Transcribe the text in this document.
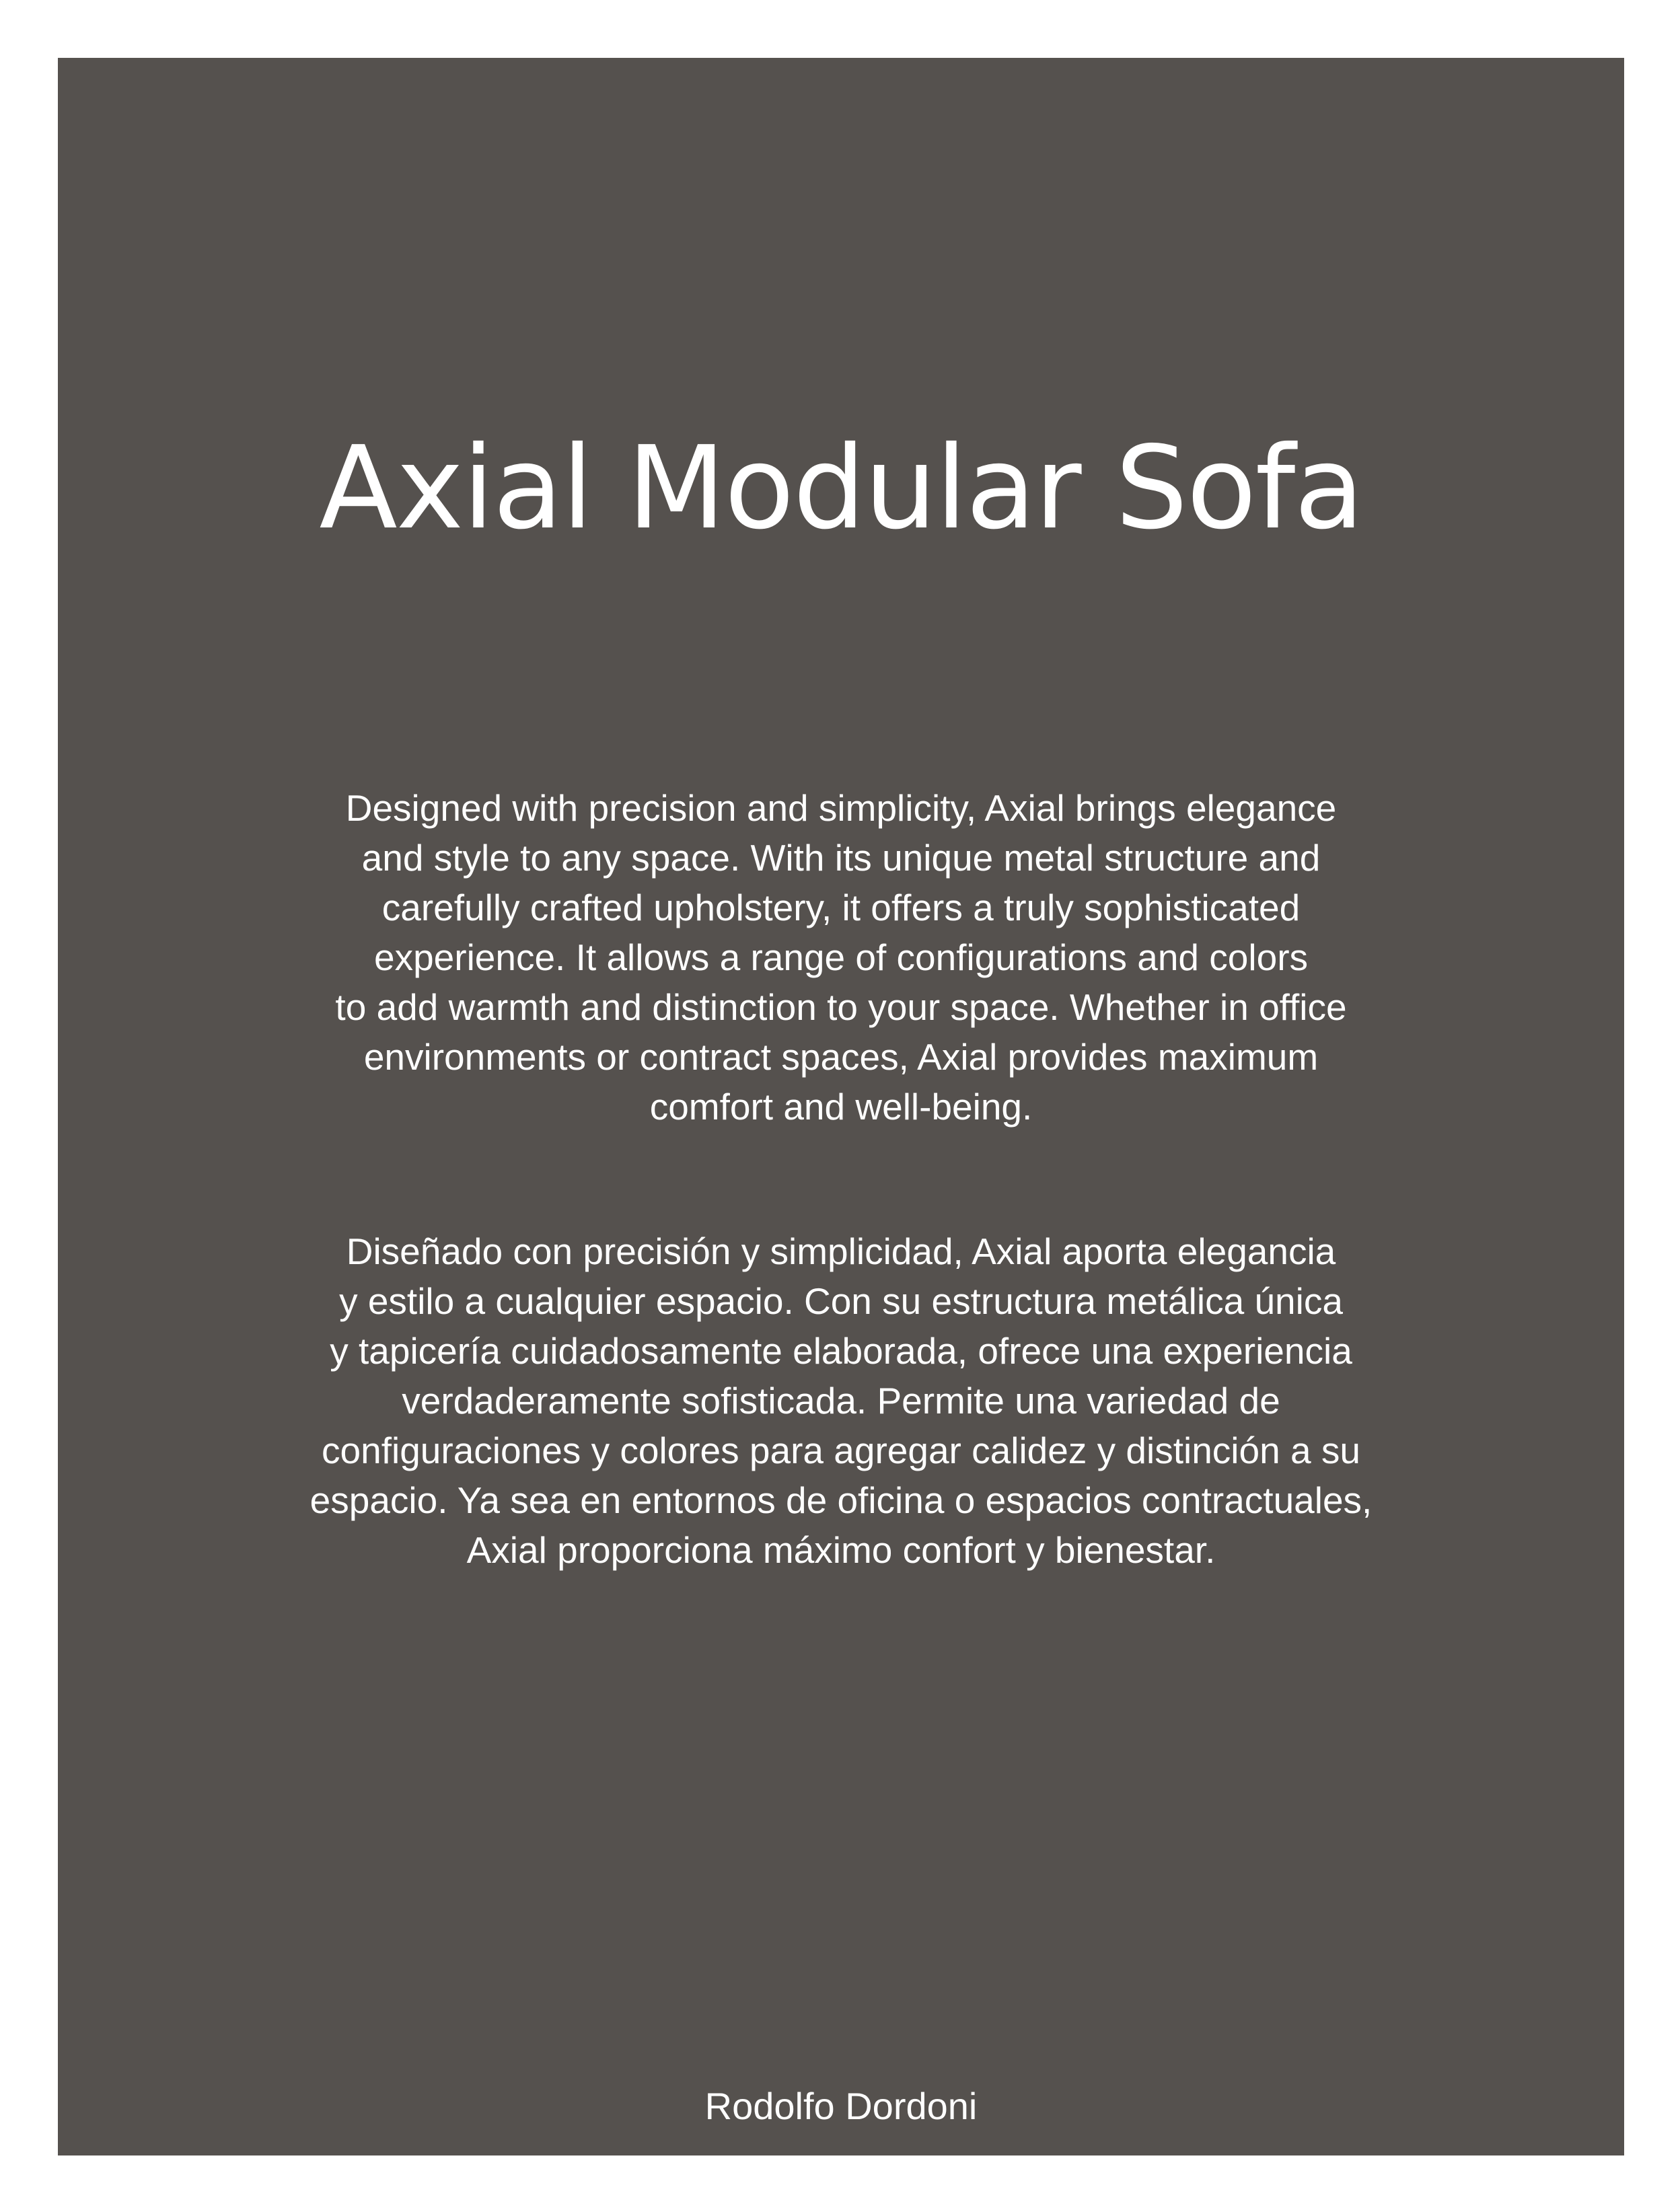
Axial Modular Sofa

Designed with precision and simplicity, Axial brings elegance
and style to any space. With its unique metal structure and
carefully crafted upholstery, it offers a truly sophisticated
experience. It allows a range of configurations and colors
to add warmth and distinction to your space. Whether in office
environments or contract spaces, Axial provides maximum
comfort and well-being.

Diseñado con precisión y simplicidad, Axial aporta elegancia
y estilo a cualquier espacio. Con su estructura metálica única
y tapicería cuidadosamente elaborada, ofrece una experiencia
verdaderamente sofisticada. Permite una variedad de
configuraciones y colores para agregar calidez y distinción a su
espacio. Ya sea en entornos de oficina o espacios contractuales,
Axial proporciona máximo confort y bienestar.

Rodolfo Dordoni
